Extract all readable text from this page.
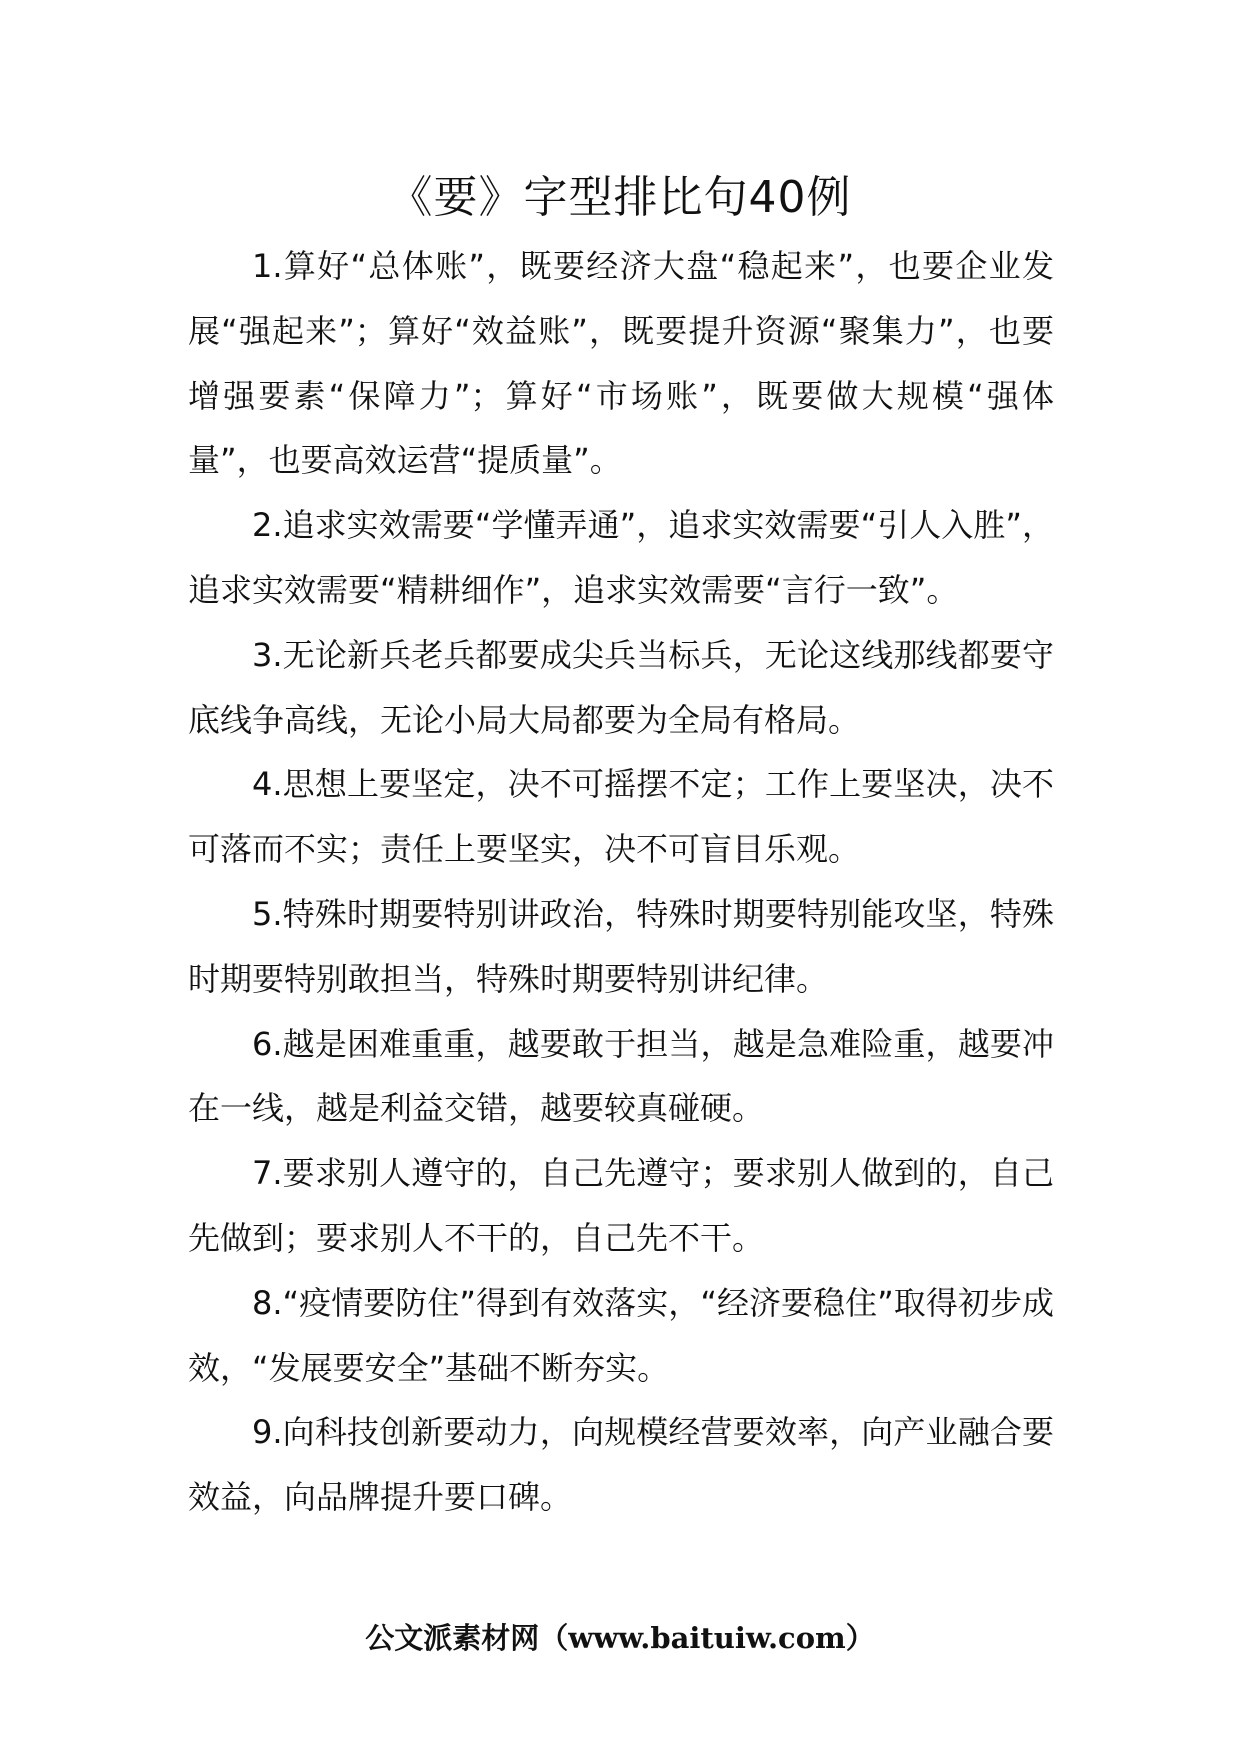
《要》字型排比句40例

1.算好“总体账”，既要经济大盘“稳起来”，也要企业发展“强起来”；算好“效益账”，既要提升资源“聚集力”，也要增强要素“保障力”；算好“市场账”，既要做大规模“强体量”，也要高效运营“提质量”。

2.追求实效需要“学懂弄通”，追求实效需要“引人入胜”，追求实效需要“精耕细作”，追求实效需要“言行一致”。

3.无论新兵老兵都要成尖兵当标兵，无论这线那线都要守底线争高线，无论小局大局都要为全局有格局。

4.思想上要坚定，决不可摇摆不定；工作上要坚决，决不可落而不实；责任上要坚实，决不可盲目乐观。

5.特殊时期要特别讲政治，特殊时期要特别能攻坚，特殊时期要特别敢担当，特殊时期要特别讲纪律。

6.越是困难重重，越要敢于担当，越是急难险重，越要冲在一线，越是利益交错，越要较真碰硬。

7.要求别人遵守的，自己先遵守；要求别人做到的，自己先做到；要求别人不干的，自己先不干。

8.“疫情要防住”得到有效落实，“经济要稳住”取得初步成效，“发展要安全”基础不断夯实。

9.向科技创新要动力，向规模经营要效率，向产业融合要效益，向品牌提升要口碑。

公文派素材网（www.baituiw.com）
